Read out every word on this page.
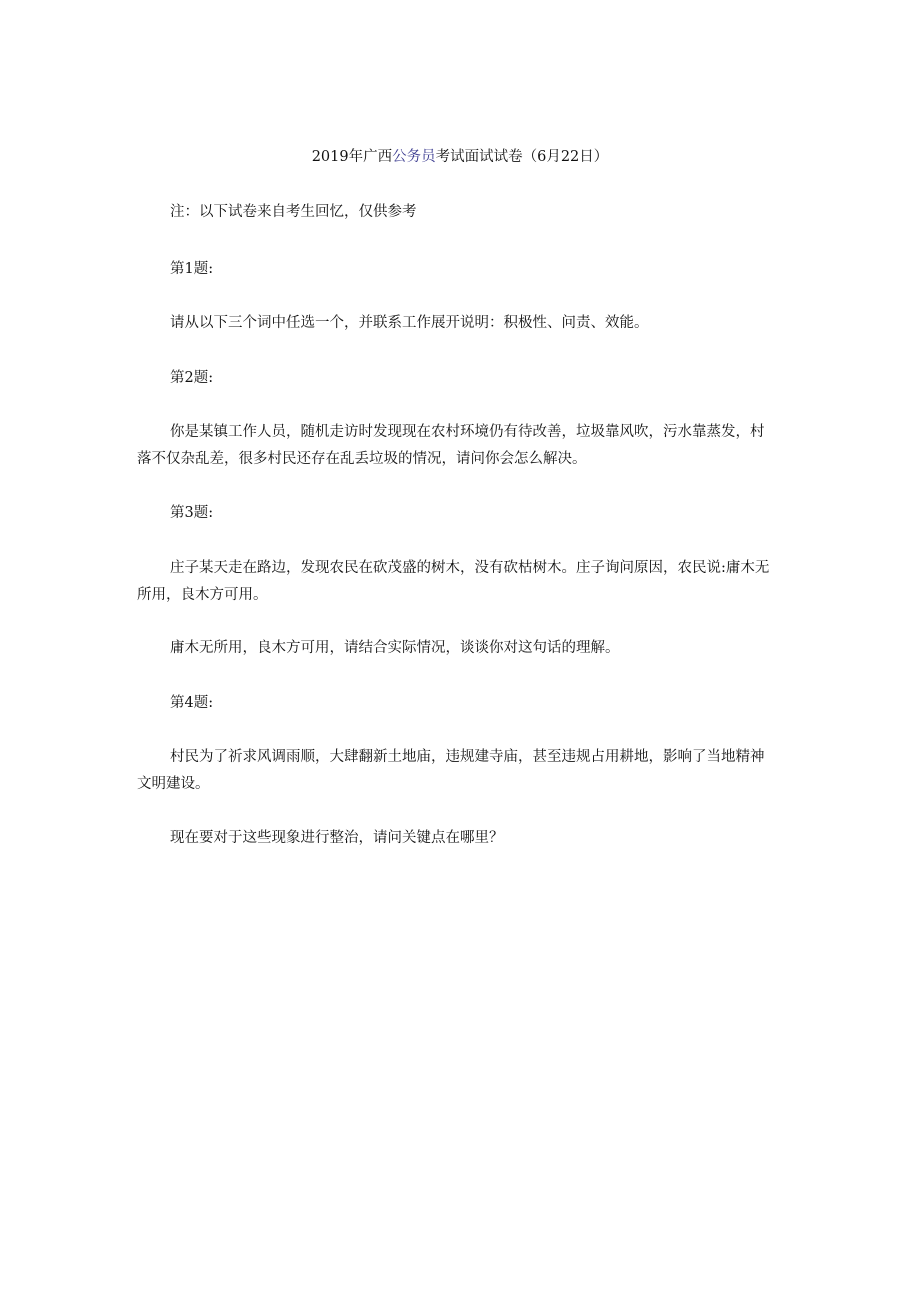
2019年广西公务员考试面试试卷（6月22日）

注：以下试卷来自考生回忆，仅供参考

第1题:

请从以下三个词中任选一个，并联系工作展开说明：积极性、问责、效能。

第2题:

你是某镇工作人员，随机走访时发现现在农村环境仍有待改善，垃圾靠风吹，污水靠蒸发，村落不仅杂乱差，很多村民还存在乱丢垃圾的情况，请问你会怎么解决。

第3题:

庄子某天走在路边，发现农民在砍茂盛的树木，没有砍枯树木。庄子询问原因，农民说:庸木无所用，良木方可用。

庸木无所用，良木方可用，请结合实际情况，谈谈你对这句话的理解。

第4题:

村民为了祈求风调雨顺，大肆翻新土地庙，违规建寺庙，甚至违规占用耕地，影响了当地精神文明建设。

现在要对于这些现象进行整治，请问关键点在哪里？
